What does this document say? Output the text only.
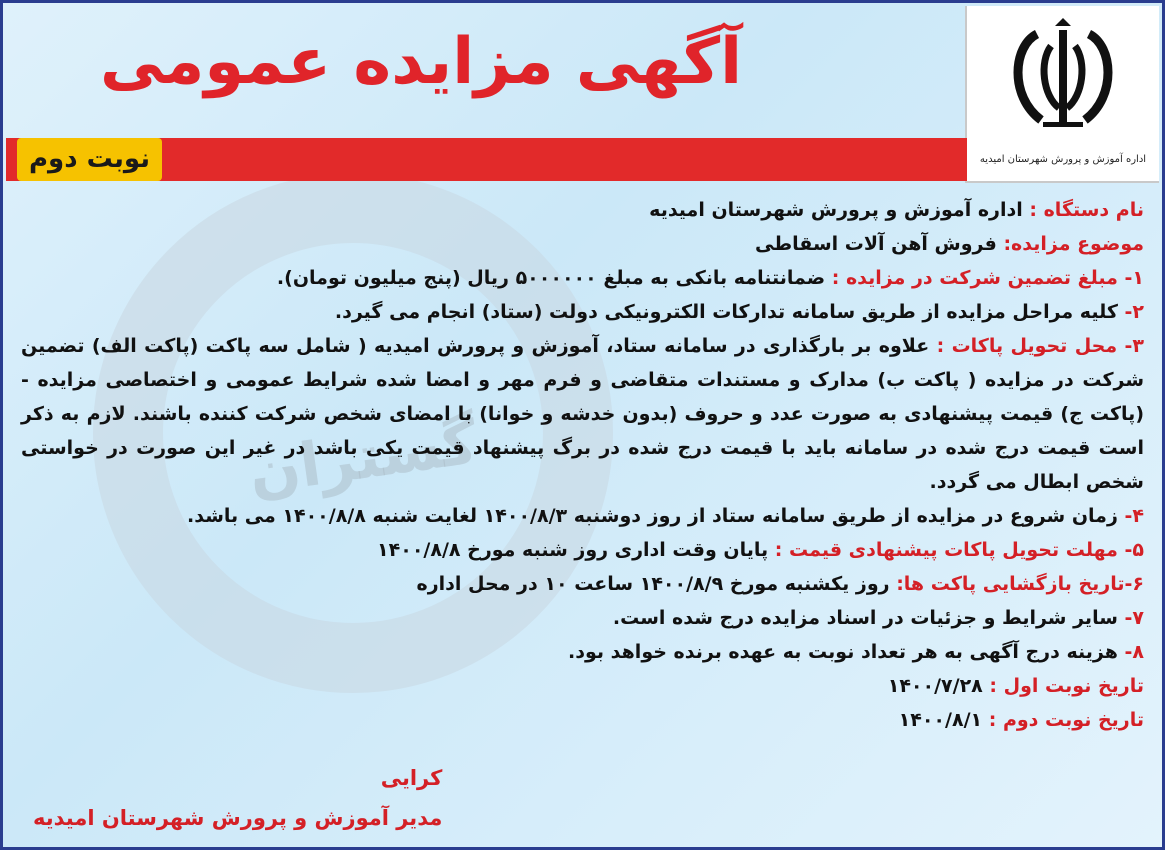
گستران
اداره آموزش و پرورش شهرستان امیدیه
آگهی مزایده عمومی
نوبت دوم

نام دستگاه : اداره آموزش و پرورش شهرستان امیدیه

موضوع مزایده: فروش آهن آلات اسقاطی

۱- مبلغ تضمین شرکت در مزایده : ضمانتنامه بانکی به مبلغ ۵۰۰۰۰۰۰ ریال (پنج میلیون تومان).

۲- کلیه مراحل مزایده از طریق سامانه تدارکات الکترونیکی دولت (ستاد) انجام می گیرد.

۳- محل تحویل پاکات : علاوه بر بارگذاری در سامانه ستاد، آموزش و پرورش امیدیه ( شامل سه پاکت (پاکت الف) تضمین شرکت در مزایده ( پاکت ب) مدارک و مستندات متقاضی و فرم مهر و امضا شده شرایط عمومی و اختصاصی مزایده - (پاکت ج) قیمت پیشنهادی به صورت عدد و حروف (بدون خدشه و خوانا) با امضای شخص شرکت کننده باشند. لازم به ذکر است قیمت درج شده در سامانه باید با قیمت درج شده در برگ پیشنهاد قیمت یکی باشد در غیر این صورت در خواستی شخص ابطال می گردد.

۴- زمان شروع در مزایده از طریق سامانه ستاد از روز دوشنبه ۱۴۰۰/۸/۳ لغایت شنبه ۱۴۰۰/۸/۸ می باشد.

۵- مهلت تحویل پاکات پیشنهادی قیمت : پایان وقت اداری روز شنبه مورخ ۱۴۰۰/۸/۸

۶-تاریخ بازگشایی پاکت ها: روز یکشنبه مورخ ۱۴۰۰/۸/۹ ساعت ۱۰ در محل اداره

۷- سایر شرایط و جزئیات در اسناد مزایده درج شده است.

۸- هزینه درج آگهی به هر تعداد نوبت به عهده برنده خواهد بود.

تاریخ نوبت اول : ۱۴۰۰/۷/۲۸

تاریخ نوبت دوم : ۱۴۰۰/۸/۱

کرایی
مدیر آموزش و پرورش شهرستان امیدیه
